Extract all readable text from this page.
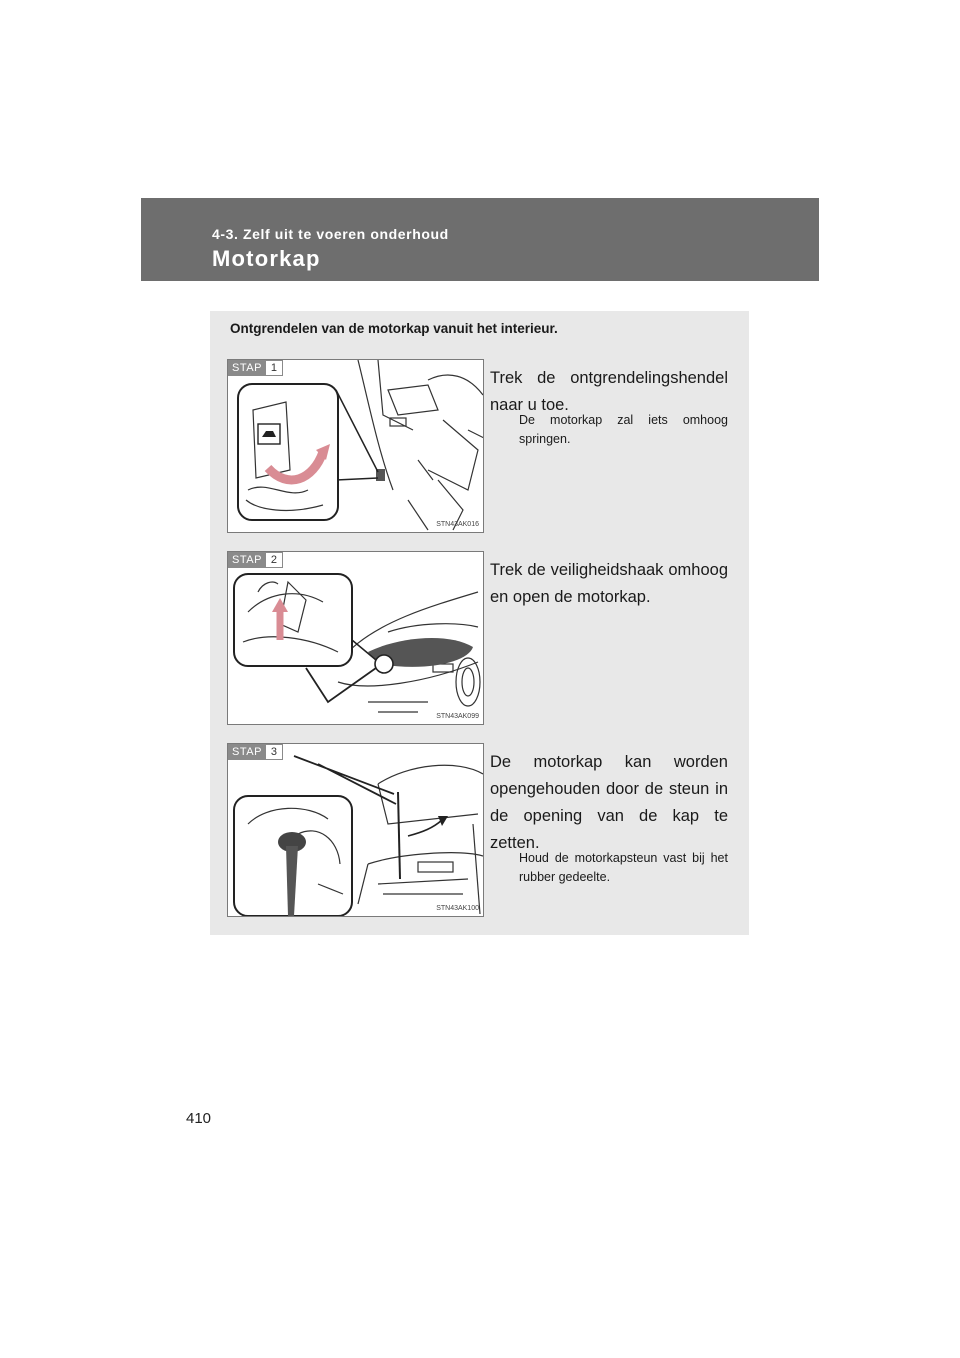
4-3. Zelf uit te voeren onderhoud
Motorkap
Ontgrendelen van de motorkap vanuit het interieur.
STAP 1
STN43AK016
Trek de ontgrendelingshendel naar u toe.
De motorkap zal iets omhoog springen.
STAP 2
STN43AK099
Trek de veiligheidshaak omhoog en open de motorkap.
STAP 3
STN43AK100
De motorkap kan worden opengehouden door de steun in de opening van de kap te zetten.
Houd de motorkapsteun vast bij het rubber gedeelte.
410
